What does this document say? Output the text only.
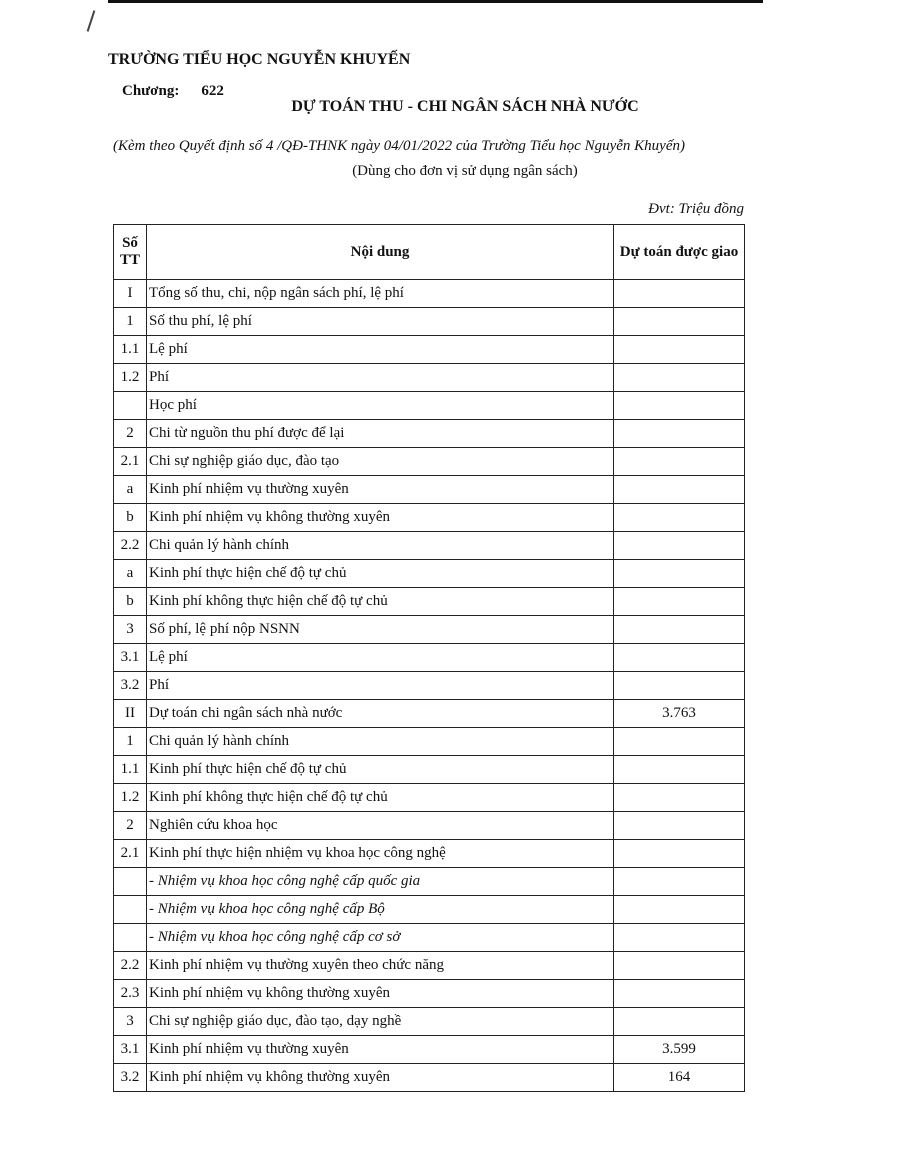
TRƯỜNG TIỂU HỌC NGUYỄN KHUYẾN
Chương: 622
DỰ TOÁN THU - CHI NGÂN SÁCH NHÀ NƯỚC
(Kèm theo Quyết định số 4 /QĐ-THNK ngày 04/01/2022 của Trường Tiểu học Nguyễn Khuyến)
(Dùng cho đơn vị sử dụng ngân sách)
Đvt: Triệu đồng
Số TT	Nội dung	Dự toán được giao
I	Tổng số thu, chi, nộp ngân sách phí, lệ phí	
1	Số thu phí, lệ phí	
1.1	Lệ phí	
1.2	Phí	
	Học phí	
2	Chi từ nguồn thu phí được để lại	
2.1	Chi sự nghiệp giáo dục, đào tạo	
a	Kinh phí nhiệm vụ thường xuyên	
b	Kinh phí nhiệm vụ không thường xuyên	
2.2	Chi quản lý hành chính	
a	Kinh phí thực hiện chế độ tự chủ	
b	Kinh phí không thực hiện chế độ tự chủ	
3	Số phí, lệ phí nộp NSNN	
3.1	Lệ phí	
3.2	Phí	
II	Dự toán chi ngân sách nhà nước	3.763
1	Chi quản lý hành chính	
1.1	Kinh phí thực hiện chế độ tự chủ	
1.2	Kinh phí không thực hiện chế độ tự chủ	
2	Nghiên cứu khoa học	
2.1	Kinh phí thực hiện nhiệm vụ khoa học công nghệ	
	- Nhiệm vụ khoa học công nghệ cấp quốc gia	
	- Nhiệm vụ khoa học công nghệ cấp Bộ	
	- Nhiệm vụ khoa học công nghệ cấp cơ sở	
2.2	Kinh phí nhiệm vụ thường xuyên theo chức năng	
2.3	Kinh phí nhiệm vụ không thường xuyên	
3	Chi sự nghiệp giáo dục, đào tạo, dạy nghề	
3.1	Kinh phí nhiệm vụ thường xuyên	3.599
3.2	Kinh phí nhiệm vụ không thường xuyên	164
